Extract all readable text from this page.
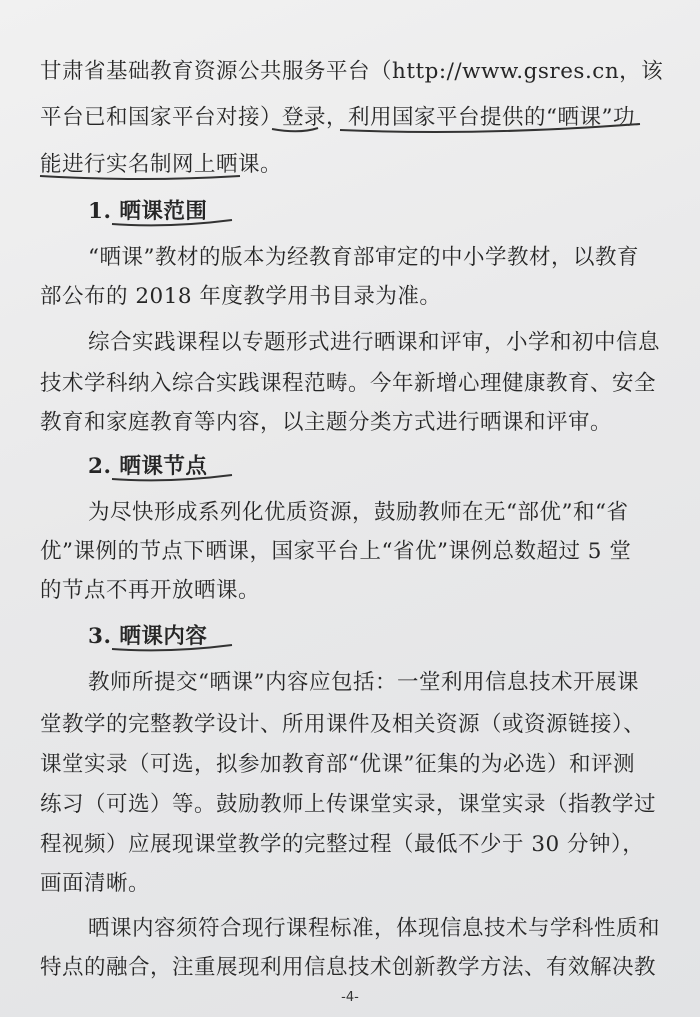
甘肃省基础教育资源公共服务平台（http://www.gsres.cn，该
平台已和国家平台对接）登录，利用国家平台提供的“晒课”功
能进行实名制网上晒课。
1. 晒课范围
“晒课”教材的版本为经教育部审定的中小学教材，以教育
部公布的 2018 年度教学用书目录为准。
综合实践课程以专题形式进行晒课和评审，小学和初中信息
技术学科纳入综合实践课程范畴。今年新增心理健康教育、安全
教育和家庭教育等内容，以主题分类方式进行晒课和评审。
2. 晒课节点
为尽快形成系列化优质资源，鼓励教师在无“部优”和“省
优”课例的节点下晒课，国家平台上“省优”课例总数超过 5 堂
的节点不再开放晒课。
3. 晒课内容
教师所提交“晒课”内容应包括：一堂利用信息技术开展课
堂教学的完整教学设计、所用课件及相关资源（或资源链接）、
课堂实录（可选，拟参加教育部“优课”征集的为必选）和评测
练习（可选）等。鼓励教师上传课堂实录，课堂实录（指教学过
程视频）应展现课堂教学的完整过程（最低不少于 30 分钟），
画面清晰。
晒课内容须符合现行课程标准，体现信息技术与学科性质和
特点的融合，注重展现利用信息技术创新教学方法、有效解决教
-4-
